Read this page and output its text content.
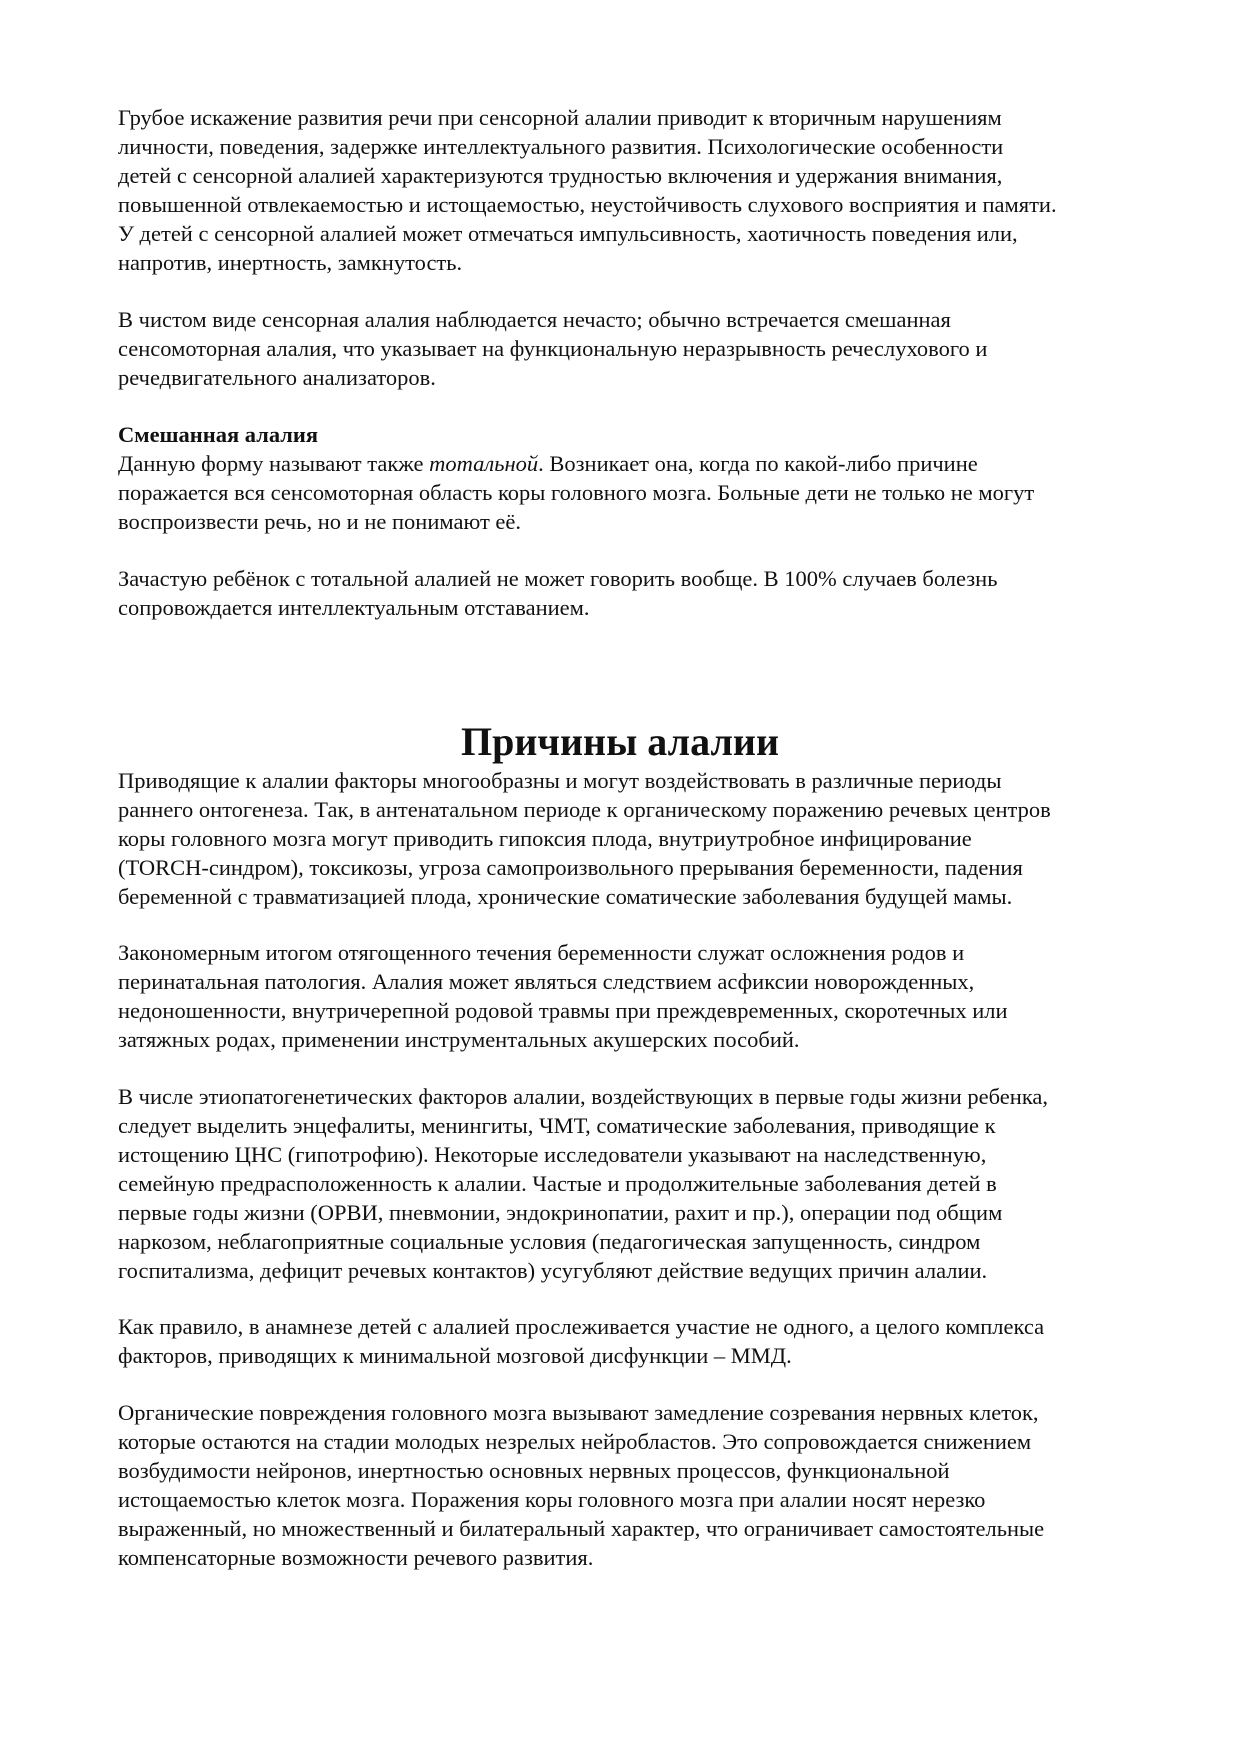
Грубое искажение развития речи при сенсорной алалии приводит к вторичным нарушениям
личности, поведения, задержке интеллектуального развития. Психологические особенности
детей с сенсорной алалией характеризуются трудностью включения и удержания внимания,
повышенной отвлекаемостью и истощаемостью, неустойчивость слухового восприятия и памяти.
У детей с сенсорной алалией может отмечаться импульсивность, хаотичность поведения или,
напротив, инертность, замкнутость.
В чистом виде сенсорная алалия наблюдается нечасто; обычно встречается смешанная
сенсомоторная алалия, что указывает на функциональную неразрывность речеслухового и
речедвигательного анализаторов.
Смешанная алалия
Данную форму называют также тотальной. Возникает она, когда по какой-либо причине
поражается вся сенсомоторная область коры головного мозга. Больные дети не только не могут
воспроизвести речь, но и не понимают её.
Зачастую ребёнок с тотальной алалией не может говорить вообще. В 100% случаев болезнь
сопровождается интеллектуальным отставанием.
Причины алалии
Приводящие к алалии факторы многообразны и могут воздействовать в различные периоды
раннего онтогенеза. Так, в антенатальном периоде к органическому поражению речевых центров
коры головного мозга могут приводить гипоксия плода, внутриутробное инфицирование
(TORCH-синдром), токсикозы, угроза самопроизвольного прерывания беременности, падения
беременной с травматизацией плода, хронические соматические заболевания будущей мамы.
Закономерным итогом отягощенного течения беременности служат осложнения родов и
перинатальная патология. Алалия может являться следствием асфиксии новорожденных,
недоношенности, внутричерепной родовой травмы при преждевременных, скоротечных или
затяжных родах, применении инструментальных акушерских пособий.
В числе этиопатогенетических факторов алалии, воздействующих в первые годы жизни ребенка,
следует выделить энцефалиты, менингиты, ЧМТ, соматические заболевания, приводящие к
истощению ЦНС (гипотрофию). Некоторые исследователи указывают на наследственную,
семейную предрасположенность к алалии. Частые и продолжительные заболевания детей в
первые годы жизни (ОРВИ, пневмонии, эндокринопатии, рахит и пр.), операции под общим
наркозом, неблагоприятные социальные условия (педагогическая запущенность, синдром
госпитализма, дефицит речевых контактов) усугубляют действие ведущих причин алалии.
Как правило, в анамнезе детей с алалией прослеживается участие не одного, а целого комплекса
факторов, приводящих к минимальной мозговой дисфункции – ММД.
Органические повреждения головного мозга вызывают замедление созревания нервных клеток,
которые остаются на стадии молодых незрелых нейробластов. Это сопровождается снижением
возбудимости нейронов, инертностью основных нервных процессов, функциональной
истощаемостью клеток мозга. Поражения коры головного мозга при алалии носят нерезко
выраженный, но множественный и билатеральный характер, что ограничивает самостоятельные
компенсаторные возможности речевого развития.
